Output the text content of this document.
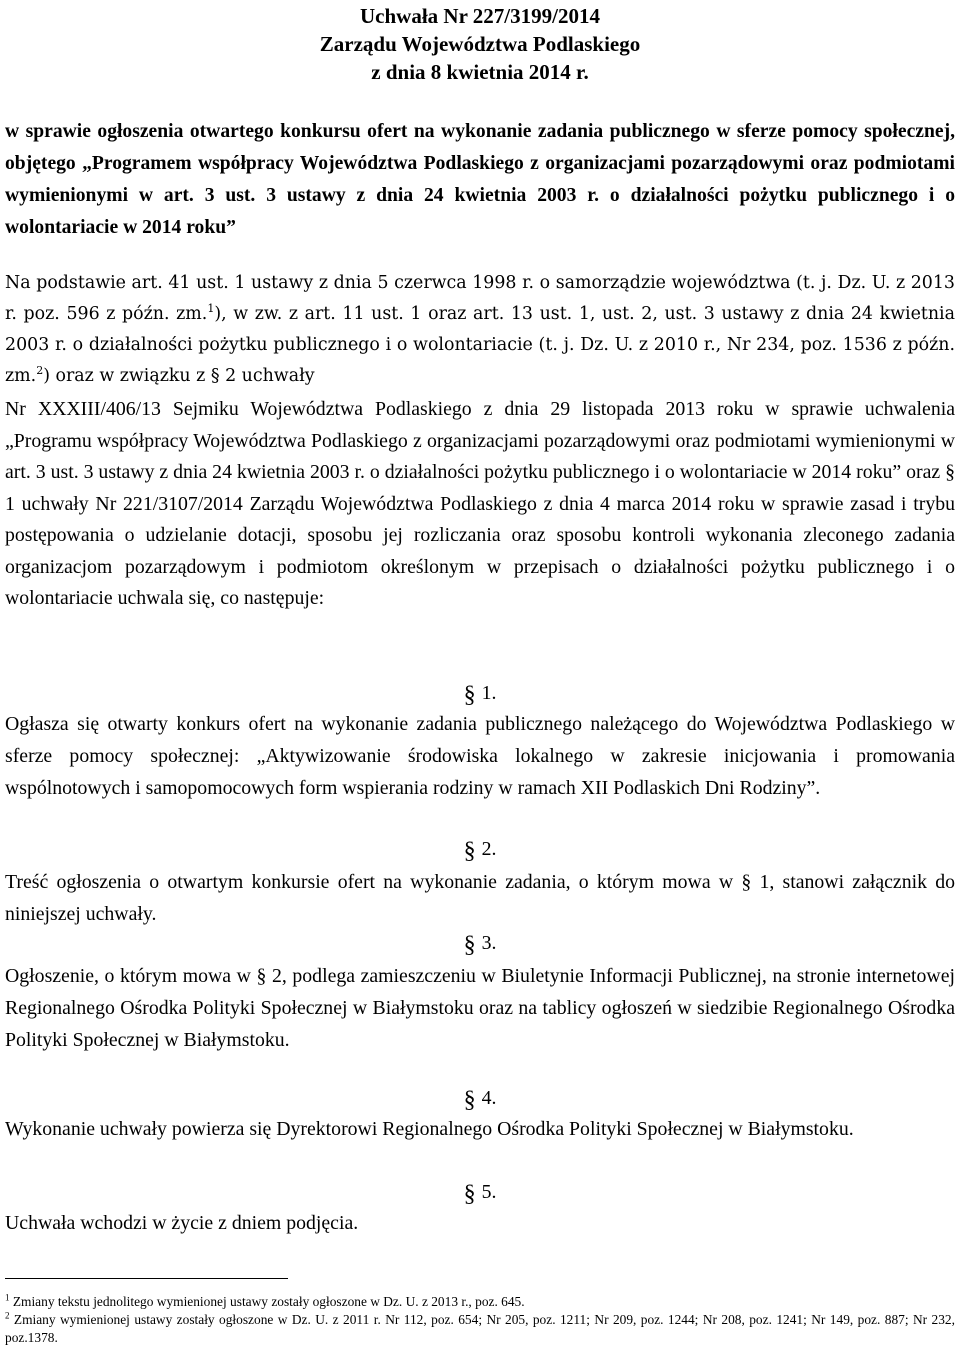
Uchwała Nr 227/3199/2014
Zarządu Województwa Podlaskiego
z dnia 8 kwietnia 2014 r.
w sprawie ogłoszenia otwartego konkursu ofert na wykonanie zadania publicznego w sferze pomocy społecznej, objętego „Programem współpracy Województwa Podlaskiego z organizacjami pozarządowymi oraz podmiotami wymienionymi w art. 3 ust. 3 ustawy z dnia 24 kwietnia 2003 r. o działalności pożytku publicznego i o wolontariacie w 2014 roku”
Na podstawie art. 41 ust. 1 ustawy z dnia 5 czerwca 1998 r. o samorządzie województwa (t. j. Dz. U. z 2013 r. poz. 596 z późn. zm.$^1$), w zw. z art. 11 ust. 1 oraz art. 13 ust. 1, ust. 2, ust. 3 ustawy z dnia 24 kwietnia 2003 r. o działalności pożytku publicznego i o wolontariacie (t. j. Dz. U. z 2010 r., Nr 234, poz. 1536 z późn. zm.$^2$) oraz w związku z § 2 uchwały
Nr XXXIII/406/13 Sejmiku Województwa Podlaskiego z dnia 29 listopada 2013 roku w sprawie uchwalenia „Programu współpracy Województwa Podlaskiego z organizacjami pozarządowymi oraz podmiotami wymienionymi w art. 3 ust. 3 ustawy z dnia 24 kwietnia 2003 r. o działalności pożytku publicznego i o wolontariacie w 2014 roku” oraz § 1 uchwały Nr 221/3107/2014 Zarządu Województwa Podlaskiego z dnia 4 marca 2014 roku w sprawie zasad i trybu postępowania o udzielanie dotacji, sposobu jej rozliczania oraz sposobu kontroli wykonania zleconego zadania organizacjom pozarządowym i podmiotom określonym w przepisach o działalności pożytku publicznego i o wolontariacie uchwala się, co następuje:
§ 1.
Ogłasza się otwarty konkurs ofert na wykonanie zadania publicznego należącego do Województwa Podlaskiego w sferze pomocy społecznej: „Aktywizowanie środowiska lokalnego w zakresie inicjowania i promowania wspólnotowych i samopomocowych form wspierania rodziny w ramach XII Podlaskich Dni Rodziny”.
§ 2.
Treść ogłoszenia o otwartym konkursie ofert na wykonanie zadania, o którym mowa w § 1, stanowi załącznik do niniejszej uchwały.
§ 3.
Ogłoszenie, o którym mowa w § 2, podlega zamieszczeniu w Biuletynie Informacji Publicznej, na stronie internetowej Regionalnego Ośrodka Polityki Społecznej w Białymstoku oraz na tablicy ogłoszeń w siedzibie Regionalnego Ośrodka Polityki Społecznej w Białymstoku.
§ 4.
Wykonanie uchwały powierza się Dyrektorowi Regionalnego Ośrodka Polityki Społecznej w Białymstoku.
§ 5.
Uchwała wchodzi w życie z dniem podjęcia.
$^1$ Zmiany tekstu jednolitego wymienionej ustawy zostały ogłoszone w Dz. U. z 2013 r., poz. 645.
$^2$ Zmiany wymienionej ustawy zostały ogłoszone w Dz. U. z 2011 r. Nr 112, poz. 654; Nr 205, poz. 1211; Nr 209, poz. 1244; Nr 208, poz. 1241; Nr 149, poz. 887; Nr 232, poz.1378.
